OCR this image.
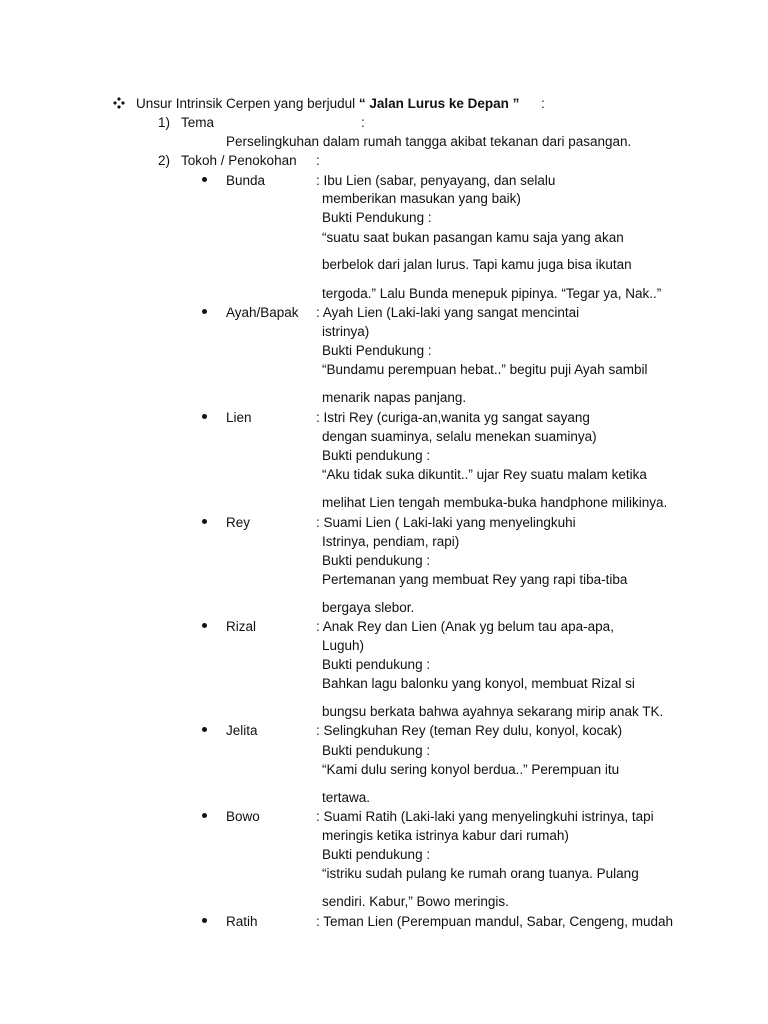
Unsur Intrinsik Cerpen yang berjudul “ Jalan Lurus ke Depan ” :
1) Tema	:
Perselingkuhan dalam rumah tangga akibat tekanan dari pasangan.
2) Tokoh / Penokohan :
Bunda	: Ibu Lien (sabar, penyayang, dan selalu
memberikan masukan yang baik)
Bukti Pendukung :
“suatu saat bukan pasangan kamu saja yang akan
berbelok dari jalan lurus. Tapi kamu juga bisa ikutan
tergoda.” Lalu Bunda menepuk pipinya. “Tegar ya, Nak..”
Ayah/Bapak : Ayah Lien (Laki-laki yang sangat mencintai
istrinya)
Bukti Pendukung :
“Bundamu perempuan hebat..” begitu puji Ayah sambil
menarik napas panjang.
Lien	: Istri Rey (curiga-an,wanita yg sangat sayang
dengan suaminya, selalu menekan suaminya)
Bukti pendukung :
“Aku tidak suka dikuntit..” ujar Rey suatu malam ketika
melihat Lien tengah membuka-buka handphone milikinya.
Rey	: Suami Lien ( Laki-laki yang menyelingkuhi
Istrinya, pendiam, rapi)
Bukti pendukung :
Pertemanan yang membuat Rey yang rapi tiba-tiba
bergaya slebor.
Rizal	: Anak Rey dan Lien (Anak yg belum tau apa-apa,
Luguh)
Bukti pendukung :
Bahkan lagu balonku yang konyol, membuat Rizal si
bungsu berkata bahwa ayahnya sekarang mirip anak TK.
Jelita	: Selingkuhan Rey (teman Rey dulu, konyol, kocak)
Bukti pendukung :
“Kami dulu sering konyol berdua..” Perempuan itu
tertawa.
Bowo	: Suami Ratih (Laki-laki yang menyelingkuhi istrinya, tapi
meringis ketika istrinya kabur dari rumah)
Bukti pendukung :
“istriku sudah pulang ke rumah orang tuanya. Pulang
sendiri. Kabur,” Bowo meringis.
Ratih	: Teman Lien (Perempuan mandul, Sabar, Cengeng, mudah
